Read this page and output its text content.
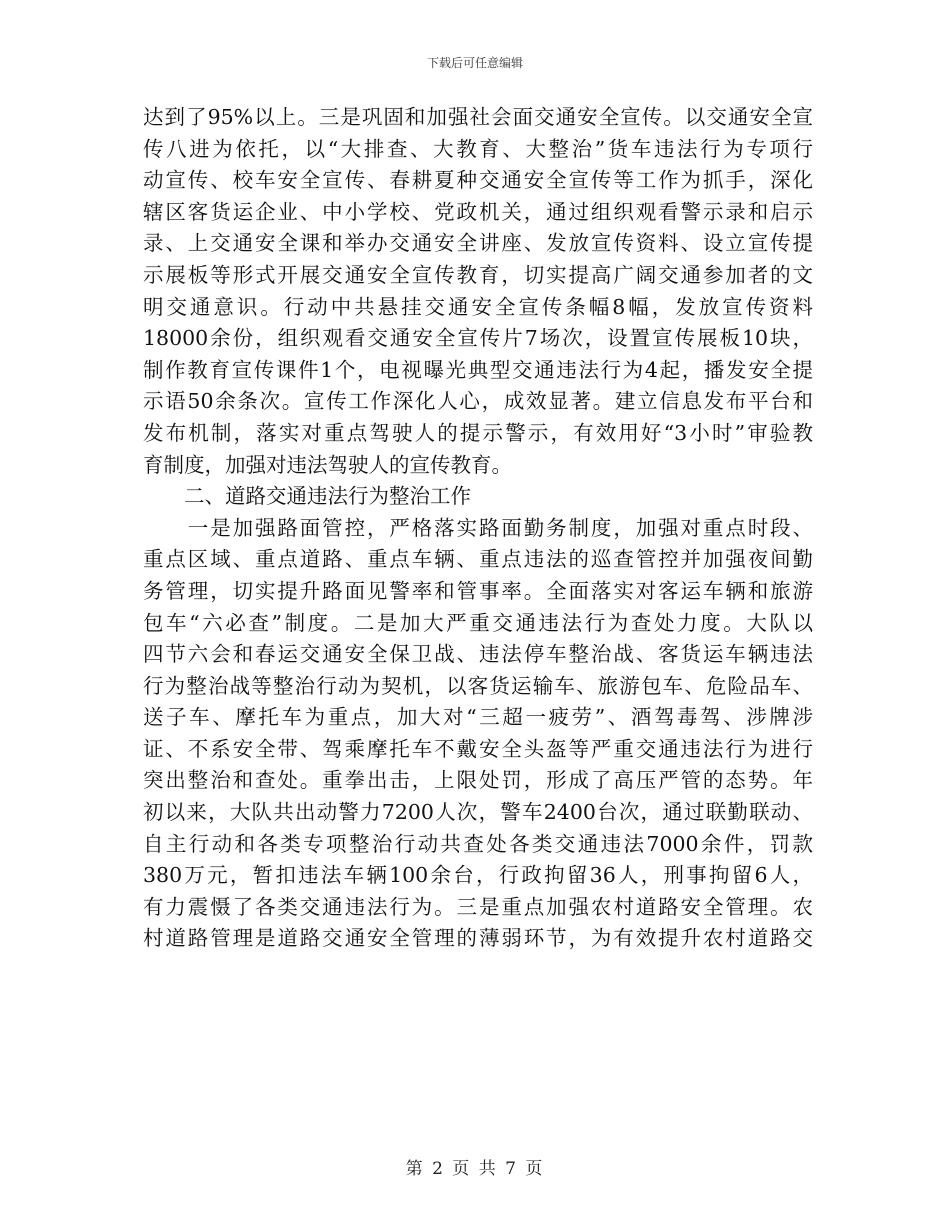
下载后可任意编辑
达到了95%以上。三是巩固和加强社会面交通安全宣传。以交通安全宣
传八进为依托，以“大排查、大教育、大整治”货车违法行为专项行
动宣传、校车安全宣传、春耕夏种交通安全宣传等工作为抓手，深化
辖区客货运企业、中小学校、党政机关，通过组织观看警示录和启示
录、上交通安全课和举办交通安全讲座、发放宣传资料、设立宣传提
示展板等形式开展交通安全宣传教育，切实提高广阔交通参加者的文
明交通意识。行动中共悬挂交通安全宣传条幅8幅，发放宣传资料
18000余份，组织观看交通安全宣传片7场次，设置宣传展板10块，
制作教育宣传课件1个，电视曝光典型交通违法行为4起，播发安全提
示语50余条次。宣传工作深化人心，成效显著。建立信息发布平台和
发布机制，落实对重点驾驶人的提示警示，有效用好“3小时”审验教
育制度，加强对违法驾驶人的宣传教育。
　　二、道路交通违法行为整治工作
　　一是加强路面管控，严格落实路面勤务制度，加强对重点时段、
重点区域、重点道路、重点车辆、重点违法的巡查管控并加强夜间勤
务管理，切实提升路面见警率和管事率。全面落实对客运车辆和旅游
包车“六必查”制度。二是加大严重交通违法行为查处力度。大队以
四节六会和春运交通安全保卫战、违法停车整治战、客货运车辆违法
行为整治战等整治行动为契机，以客货运输车、旅游包车、危险品车、
送子车、摩托车为重点，加大对“三超一疲劳”、酒驾毒驾、涉牌涉
证、不系安全带、驾乘摩托车不戴安全头盔等严重交通违法行为进行
突出整治和查处。重拳出击，上限处罚，形成了高压严管的态势。年
初以来，大队共出动警力7200人次，警车2400台次，通过联勤联动、
自主行动和各类专项整治行动共查处各类交通违法7000余件，罚款
380万元，暂扣违法车辆100余台，行政拘留36人，刑事拘留6人，
有力震慑了各类交通违法行为。三是重点加强农村道路安全管理。农
村道路管理是道路交通安全管理的薄弱环节，为有效提升农村道路交
第 2 页 共 7 页
